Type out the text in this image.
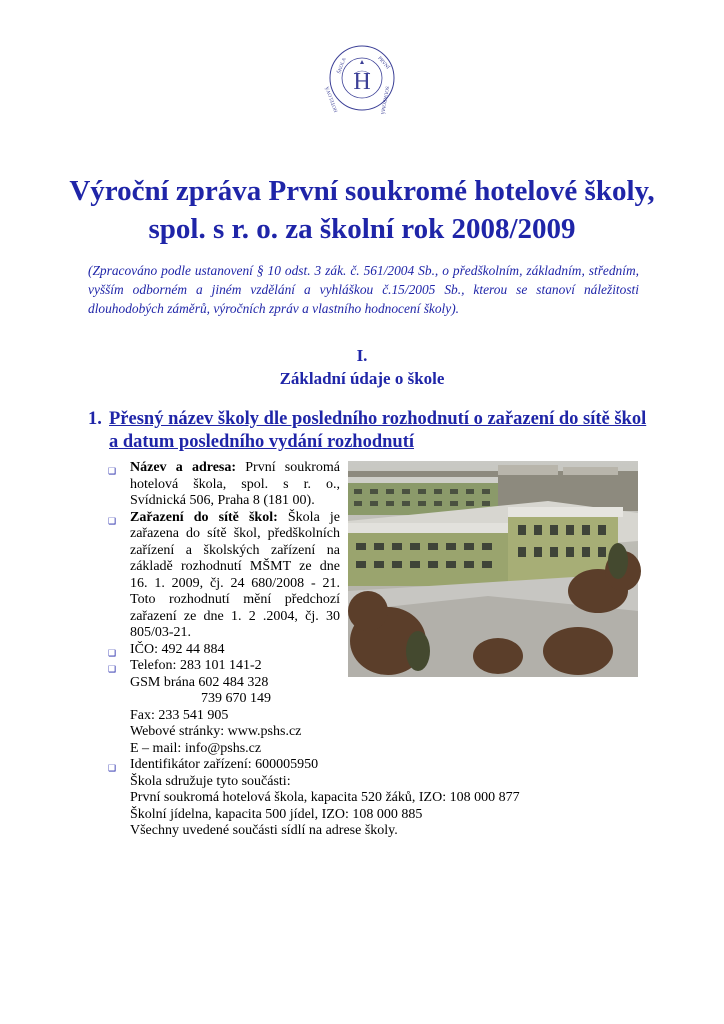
H
ŠKOLA	PRVNÍ
SOUKROMÁ
HOTELOVÁ
Výroční zpráva První soukromé hotelové školy, spol. s r. o. za školní rok 2008/2009

(Zpracováno podle ustanovení § 10 odst. 3 zák. č. 561/2004 Sb., o předškolním, základním, středním, vyšším odborném a jiném vzdělání a vyhláškou č.15/2005 Sb., kterou se stanoví náležitosti dlouhodobých záměrů, výročních zpráv a vlastního hodnocení školy).

I.
Základní údaje o škole
1. Přesný název školy dle posledního rozhodnutí o zařazení do sítě škol a datum posledního vydání rozhodnutí
❑ Název a adresa: První soukromá hotelová škola, spol. s r. o., Svídnická 506, Praha 8 (181 00).
❑ Zařazení do sítě škol: Škola je zařazena do sítě škol, předškolních zařízení a školských zařízení na základě rozhodnutí MŠMT ze dne 16. 1. 2009, čj. 24 680/2008 - 21. Toto rozhodnutí mění předchozí zařazení ze dne 1. 2 .2004, čj. 30 805/03-21.
❑ IČO: 492 44 884
❑ Telefon: 283 101 141-2
GSM brána 602 484 328
739 670 149
Fax: 233 541 905
Webové stránky: www.pshs.cz
E – mail: info@pshs.cz
❑ Identifikátor zařízení: 600005950
Škola sdružuje tyto součásti:
První soukromá hotelová škola, kapacita 520 žáků, IZO: 108 000 877
Školní jídelna, kapacita 500 jídel, IZO: 108 000 885
Všechny uvedené součásti sídlí na adrese školy.
